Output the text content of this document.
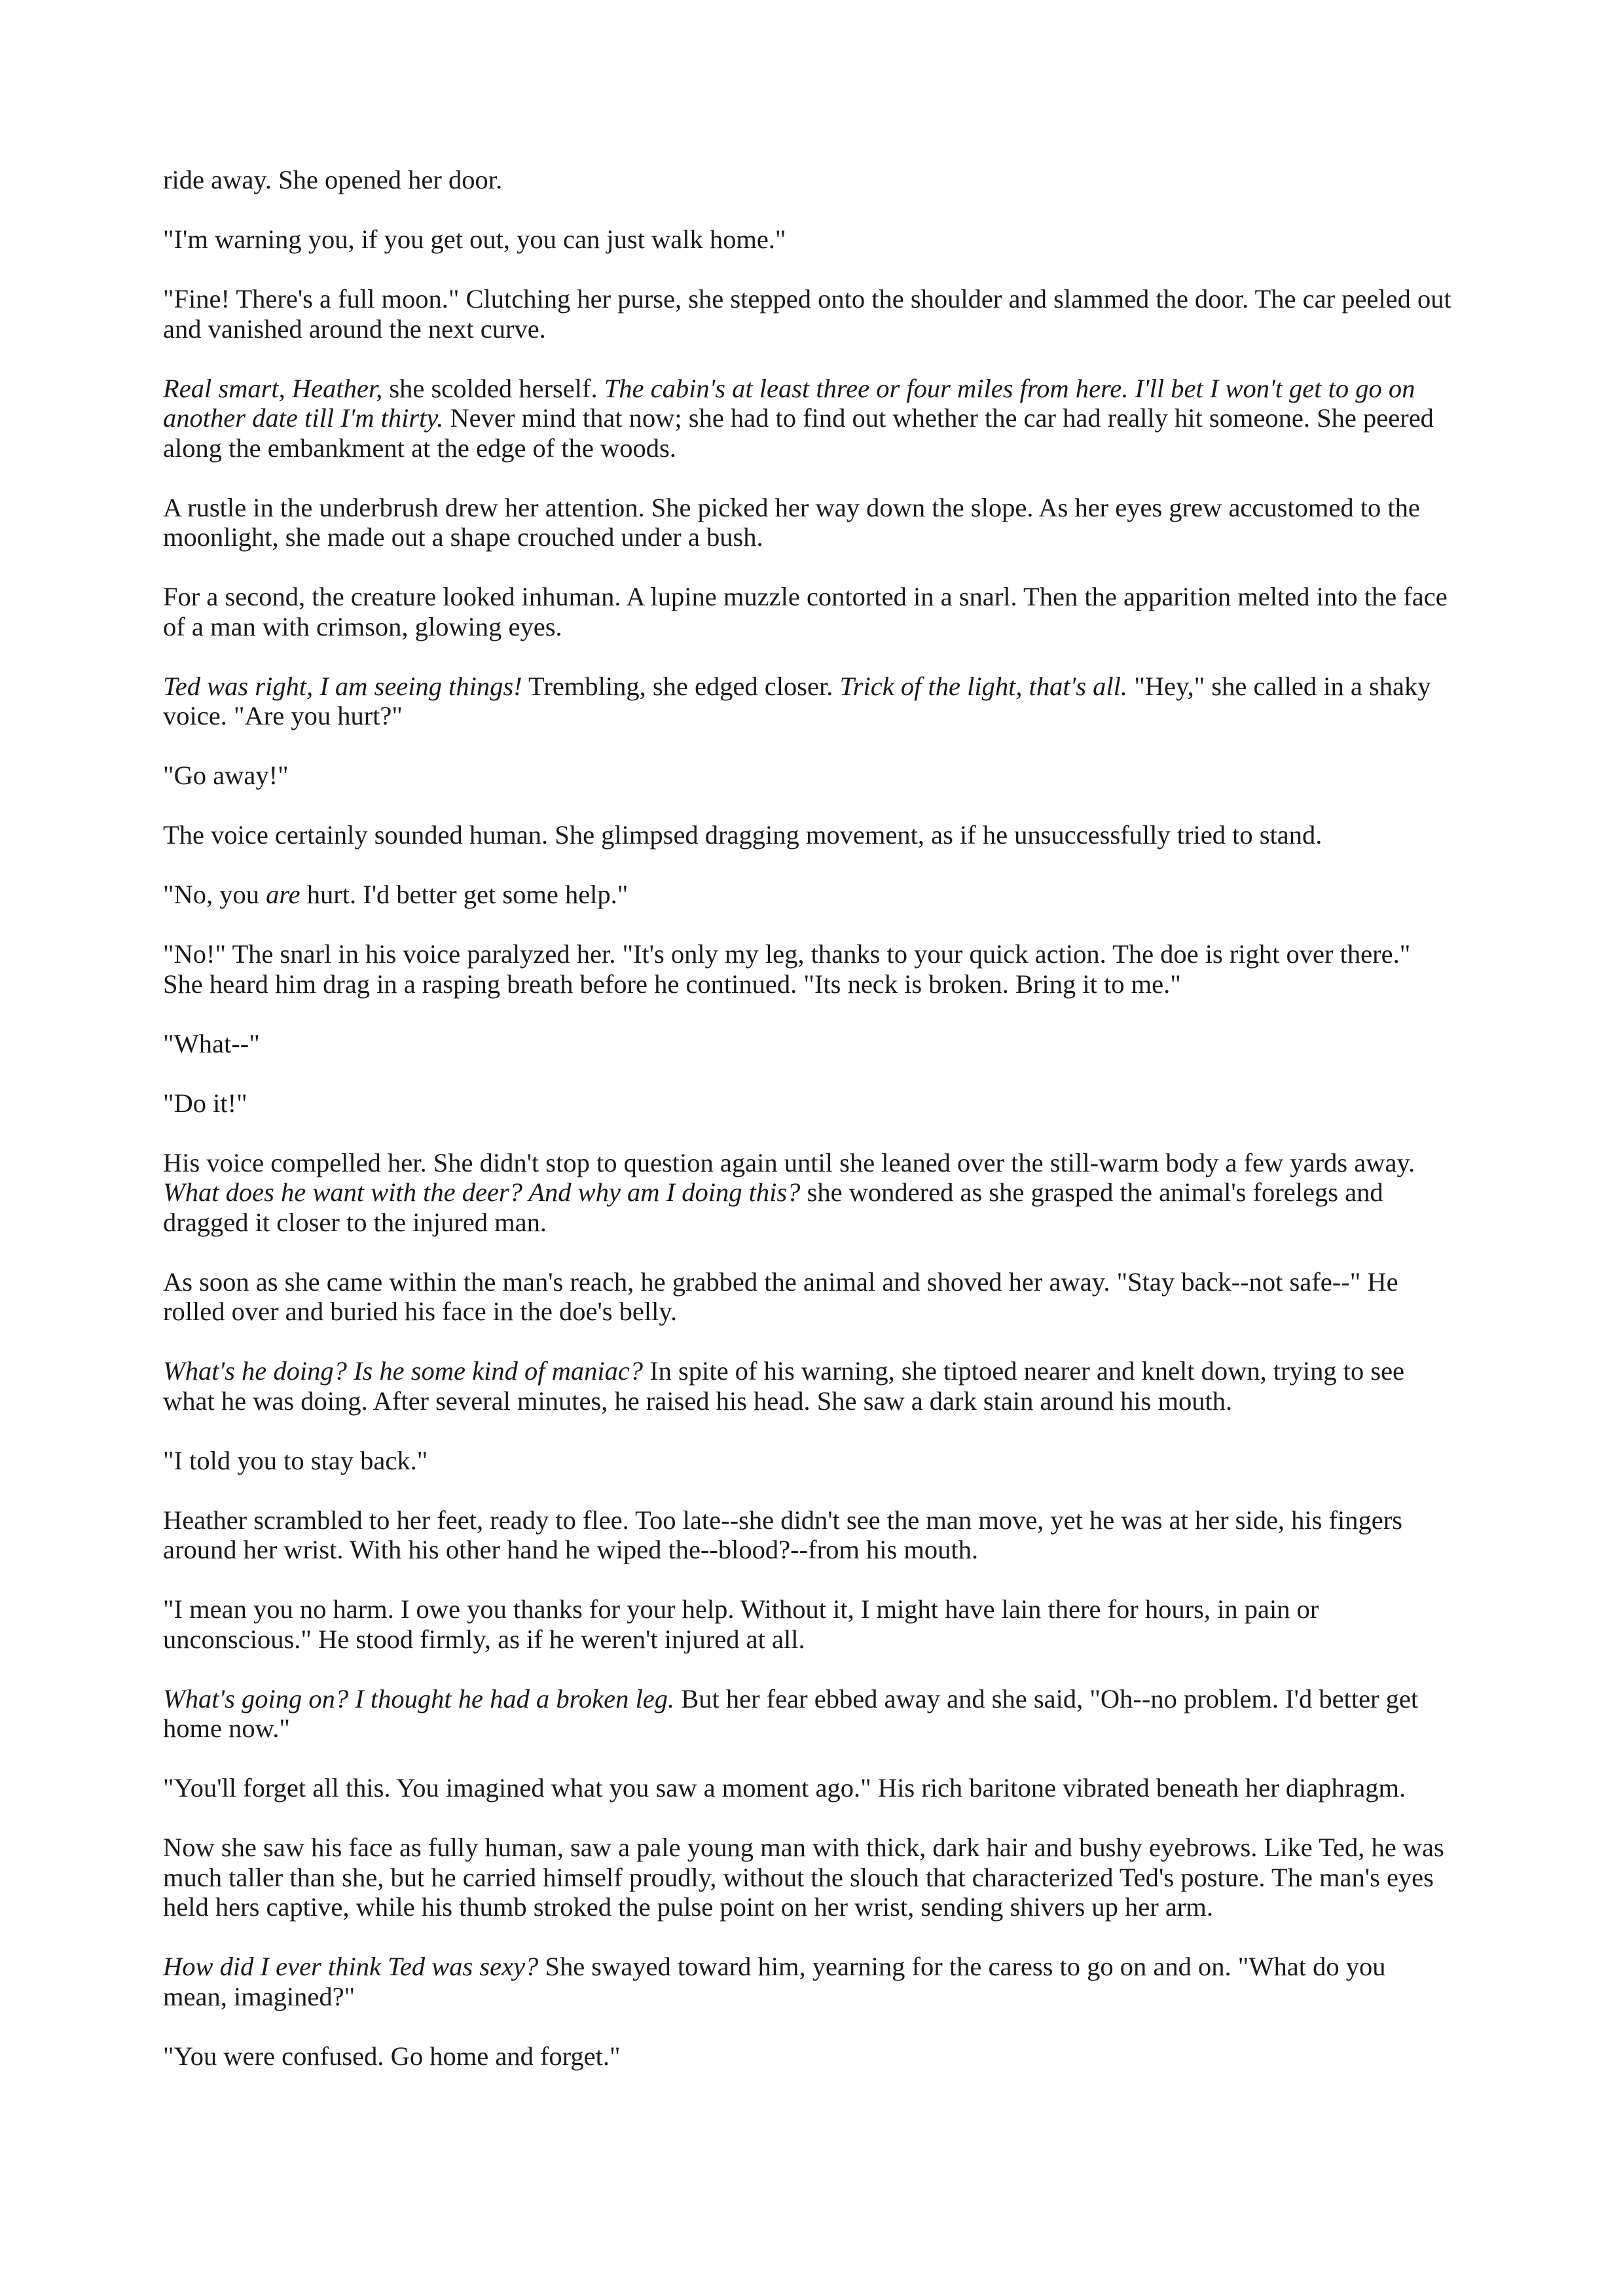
ride away. She opened her door.

"I'm warning you, if you get out, you can just walk home."

"Fine! There's a full moon." Clutching her purse, she stepped onto the shoulder and slammed the door. The car peeled out and vanished around the next curve.

Real smart, Heather, she scolded herself. The cabin's at least three or four miles from here. I'll bet I won't get to go on another date till I'm thirty. Never mind that now; she had to find out whether the car had really hit someone. She peered along the embankment at the edge of the woods.

A rustle in the underbrush drew her attention. She picked her way down the slope. As her eyes grew accustomed to the moonlight, she made out a shape crouched under a bush.

For a second, the creature looked inhuman. A lupine muzzle contorted in a snarl. Then the apparition melted into the face of a man with crimson, glowing eyes.

Ted was right, I am seeing things! Trembling, she edged closer. Trick of the light, that's all. "Hey," she called in a shaky voice. "Are you hurt?"

"Go away!"

The voice certainly sounded human. She glimpsed dragging movement, as if he unsuccessfully tried to stand.

"No, you are hurt. I'd better get some help."

"No!" The snarl in his voice paralyzed her. "It's only my leg, thanks to your quick action. The doe is right over there." She heard him drag in a rasping breath before he continued. "Its neck is broken. Bring it to me."

"What--"

"Do it!"

His voice compelled her. She didn't stop to question again until she leaned over the still-warm body a few yards away. What does he want with the deer? And why am I doing this? she wondered as she grasped the animal's forelegs and dragged it closer to the injured man.

As soon as she came within the man's reach, he grabbed the animal and shoved her away. "Stay back--not safe--" He rolled over and buried his face in the doe's belly.

What's he doing? Is he some kind of maniac? In spite of his warning, she tiptoed nearer and knelt down, trying to see what he was doing. After several minutes, he raised his head. She saw a dark stain around his mouth.

"I told you to stay back."

Heather scrambled to her feet, ready to flee. Too late--she didn't see the man move, yet he was at her side, his fingers around her wrist. With his other hand he wiped the--blood?--from his mouth.

"I mean you no harm. I owe you thanks for your help. Without it, I might have lain there for hours, in pain or unconscious." He stood firmly, as if he weren't injured at all.

What's going on? I thought he had a broken leg. But her fear ebbed away and she said, "Oh--no problem. I'd better get home now."

"You'll forget all this. You imagined what you saw a moment ago." His rich baritone vibrated beneath her diaphragm.

Now she saw his face as fully human, saw a pale young man with thick, dark hair and bushy eyebrows. Like Ted, he was much taller than she, but he carried himself proudly, without the slouch that characterized Ted's posture. The man's eyes held hers captive, while his thumb stroked the pulse point on her wrist, sending shivers up her arm.

How did I ever think Ted was sexy? She swayed toward him, yearning for the caress to go on and on. "What do you mean, imagined?"

"You were confused. Go home and forget."
